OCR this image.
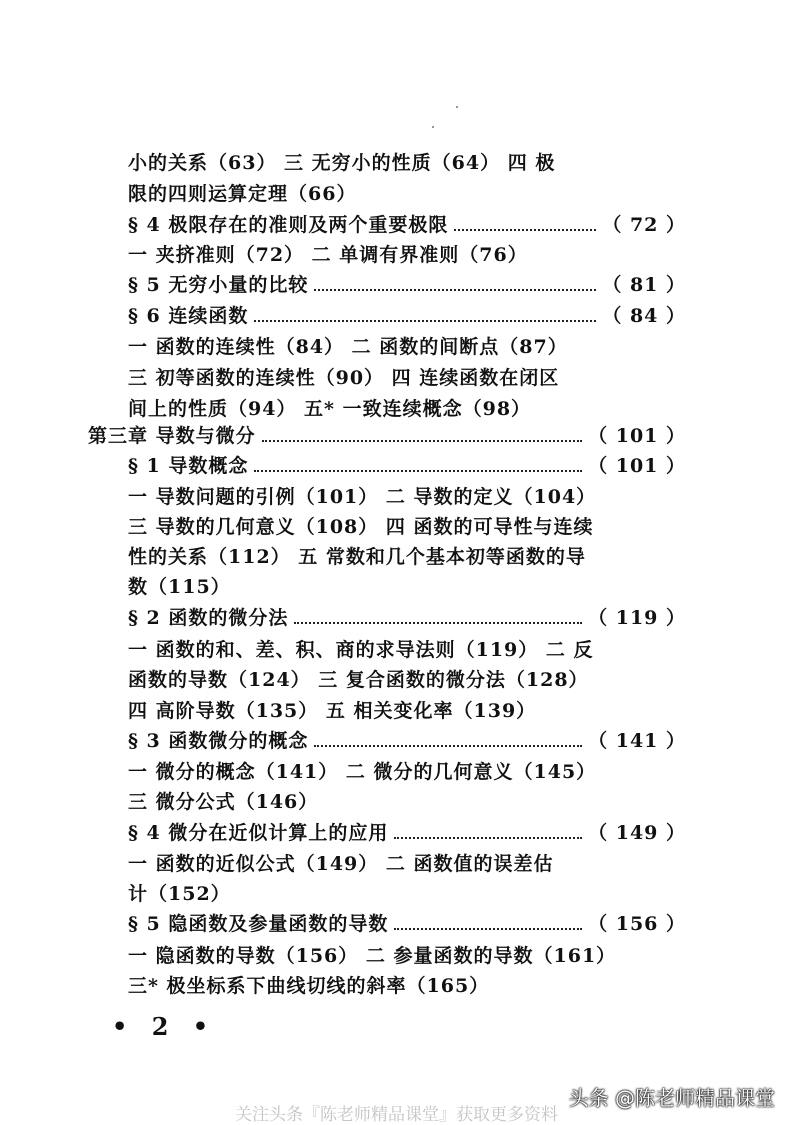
小的关系（63） 三 无穷小的性质（64） 四 极
限的四则运算定理（66）
§ 4 极限存在的准则及两个重要极限	（ 72 ）
一 夹挤准则（72） 二 单调有界准则（76）
§ 5 无穷小量的比较	（ 81 ）
§ 6 连续函数	（ 84 ）
一 函数的连续性（84） 二 函数的间断点（87）
三 初等函数的连续性（90） 四 连续函数在闭区
间上的性质（94） 五* 一致连续概念（98）
第三章 导数与微分	（ 101 ）
§ 1 导数概念	（ 101 ）
一 导数问题的引例（101） 二 导数的定义（104）
三 导数的几何意义（108） 四 函数的可导性与连续
性的关系（112） 五 常数和几个基本初等函数的导
数（115）
§ 2 函数的微分法	（ 119 ）
一 函数的和、差、积、商的求导法则（119） 二 反
函数的导数（124） 三 复合函数的微分法（128）
四 高阶导数（135） 五 相关变化率（139）
§ 3 函数微分的概念	（ 141 ）
一 微分的概念（141） 二 微分的几何意义（145）
三 微分公式（146）
§ 4 微分在近似计算上的应用	（ 149 ）
一 函数的近似公式（149） 二 函数值的误差估
计（152）
§ 5 隐函数及参量函数的导数	（ 156 ）
一 隐函数的导数（156） 二 参量函数的导数（161）
三* 极坐标系下曲线切线的斜率（165）
• 2 •
关注头条『陈老师精品课堂』获取更多资料
头条 @陈老师精品课堂
